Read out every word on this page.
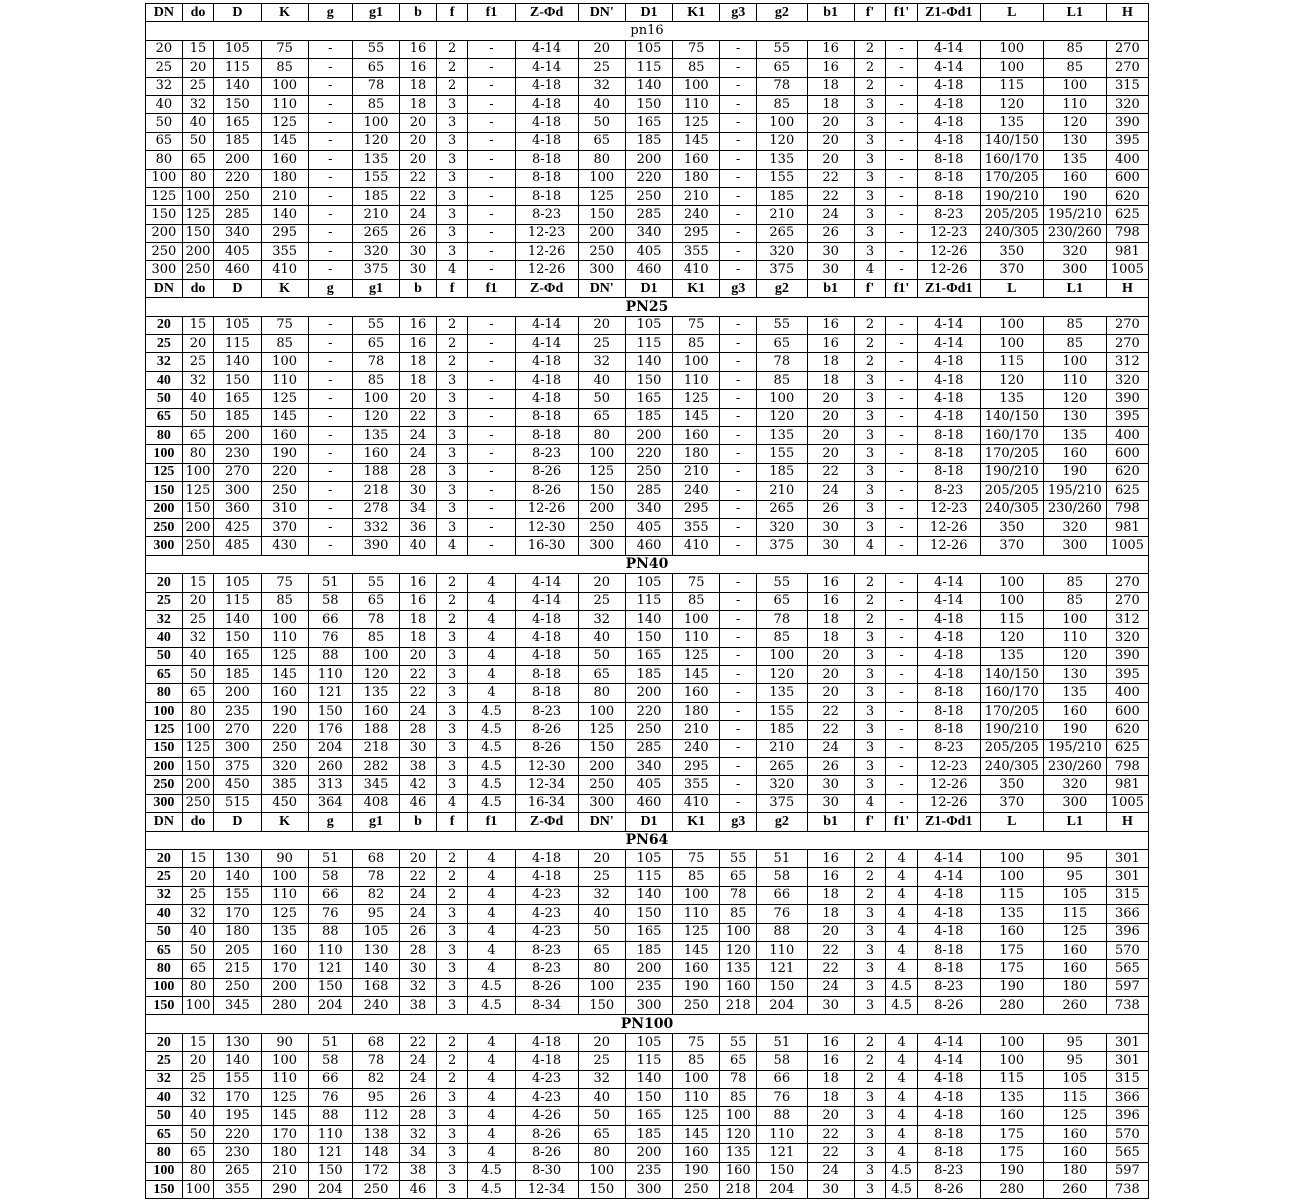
DN	do	D	K	g	g1	b	f	f1	Z-Φd	DN'	D1	K1	g3	g2	b1	f'	f1'	Z1-Φd1	L	L1	H
pn16																					
20	15	105	75	-	55	16	2	-	4-14	20	105	75	-	55	16	2	-	4-14	100	85	270
25	20	115	85	-	65	16	2	-	4-14	25	115	85	-	65	16	2	-	4-14	100	85	270
32	25	140	100	-	78	18	2	-	4-18	32	140	100	-	78	18	2	-	4-18	115	100	315
40	32	150	110	-	85	18	3	-	4-18	40	150	110	-	85	18	3	-	4-18	120	110	320
50	40	165	125	-	100	20	3	-	4-18	50	165	125	-	100	20	3	-	4-18	135	120	390
65	50	185	145	-	120	20	3	-	4-18	65	185	145	-	120	20	3	-	4-18	140/150	130	395
80	65	200	160	-	135	20	3	-	8-18	80	200	160	-	135	20	3	-	8-18	160/170	135	400
100	80	220	180	-	155	22	3	-	8-18	100	220	180	-	155	22	3	-	8-18	170/205	160	600
125	100	250	210	-	185	22	3	-	8-18	125	250	210	-	185	22	3	-	8-18	190/210	190	620
150	125	285	140	-	210	24	3	-	8-23	150	285	240	-	210	24	3	-	8-23	205/205	195/210	625
200	150	340	295	-	265	26	3	-	12-23	200	340	295	-	265	26	3	-	12-23	240/305	230/260	798
250	200	405	355	-	320	30	3	-	12-26	250	405	355	-	320	30	3	-	12-26	350	320	981
300	250	460	410	-	375	30	4	-	12-26	300	460	410	-	375	30	4	-	12-26	370	300	1005
DN	do	D	K	g	g1	b	f	f1	Z-Φd	DN'	D1	K1	g3	g2	b1	f'	f1'	Z1-Φd1	L	L1	H
PN25																					
20	15	105	75	-	55	16	2	-	4-14	20	105	75	-	55	16	2	-	4-14	100	85	270
25	20	115	85	-	65	16	2	-	4-14	25	115	85	-	65	16	2	-	4-14	100	85	270
32	25	140	100	-	78	18	2	-	4-18	32	140	100	-	78	18	2	-	4-18	115	100	312
40	32	150	110	-	85	18	3	-	4-18	40	150	110	-	85	18	3	-	4-18	120	110	320
50	40	165	125	-	100	20	3	-	4-18	50	165	125	-	100	20	3	-	4-18	135	120	390
65	50	185	145	-	120	22	3	-	8-18	65	185	145	-	120	20	3	-	4-18	140/150	130	395
80	65	200	160	-	135	24	3	-	8-18	80	200	160	-	135	20	3	-	8-18	160/170	135	400
100	80	230	190	-	160	24	3	-	8-23	100	220	180	-	155	20	3	-	8-18	170/205	160	600
125	100	270	220	-	188	28	3	-	8-26	125	250	210	-	185	22	3	-	8-18	190/210	190	620
150	125	300	250	-	218	30	3	-	8-26	150	285	240	-	210	24	3	-	8-23	205/205	195/210	625
200	150	360	310	-	278	34	3	-	12-26	200	340	295	-	265	26	3	-	12-23	240/305	230/260	798
250	200	425	370	-	332	36	3	-	12-30	250	405	355	-	320	30	3	-	12-26	350	320	981
300	250	485	430	-	390	40	4	-	16-30	300	460	410	-	375	30	4	-	12-26	370	300	1005
PN40																					
20	15	105	75	51	55	16	2	4	4-14	20	105	75	-	55	16	2	-	4-14	100	85	270
25	20	115	85	58	65	16	2	4	4-14	25	115	85	-	65	16	2	-	4-14	100	85	270
32	25	140	100	66	78	18	2	4	4-18	32	140	100	-	78	18	2	-	4-18	115	100	312
40	32	150	110	76	85	18	3	4	4-18	40	150	110	-	85	18	3	-	4-18	120	110	320
50	40	165	125	88	100	20	3	4	4-18	50	165	125	-	100	20	3	-	4-18	135	120	390
65	50	185	145	110	120	22	3	4	8-18	65	185	145	-	120	20	3	-	4-18	140/150	130	395
80	65	200	160	121	135	22	3	4	8-18	80	200	160	-	135	20	3	-	8-18	160/170	135	400
100	80	235	190	150	160	24	3	4.5	8-23	100	220	180	-	155	22	3	-	8-18	170/205	160	600
125	100	270	220	176	188	28	3	4.5	8-26	125	250	210	-	185	22	3	-	8-18	190/210	190	620
150	125	300	250	204	218	30	3	4.5	8-26	150	285	240	-	210	24	3	-	8-23	205/205	195/210	625
200	150	375	320	260	282	38	3	4.5	12-30	200	340	295	-	265	26	3	-	12-23	240/305	230/260	798
250	200	450	385	313	345	42	3	4.5	12-34	250	405	355	-	320	30	3	-	12-26	350	320	981
300	250	515	450	364	408	46	4	4.5	16-34	300	460	410	-	375	30	4	-	12-26	370	300	1005
DN	do	D	K	g	g1	b	f	f1	Z-Φd	DN'	D1	K1	g3	g2	b1	f'	f1'	Z1-Φd1	L	L1	H
PN64																					
20	15	130	90	51	68	20	2	4	4-18	20	105	75	55	51	16	2	4	4-14	100	95	301
25	20	140	100	58	78	22	2	4	4-18	25	115	85	65	58	16	2	4	4-14	100	95	301
32	25	155	110	66	82	24	2	4	4-23	32	140	100	78	66	18	2	4	4-18	115	105	315
40	32	170	125	76	95	24	3	4	4-23	40	150	110	85	76	18	3	4	4-18	135	115	366
50	40	180	135	88	105	26	3	4	4-23	50	165	125	100	88	20	3	4	4-18	160	125	396
65	50	205	160	110	130	28	3	4	8-23	65	185	145	120	110	22	3	4	8-18	175	160	570
80	65	215	170	121	140	30	3	4	8-23	80	200	160	135	121	22	3	4	8-18	175	160	565
100	80	250	200	150	168	32	3	4.5	8-26	100	235	190	160	150	24	3	4.5	8-23	190	180	597
150	100	345	280	204	240	38	3	4.5	8-34	150	300	250	218	204	30	3	4.5	8-26	280	260	738
PN100																					
20	15	130	90	51	68	22	2	4	4-18	20	105	75	55	51	16	2	4	4-14	100	95	301
25	20	140	100	58	78	24	2	4	4-18	25	115	85	65	58	16	2	4	4-14	100	95	301
32	25	155	110	66	82	24	2	4	4-23	32	140	100	78	66	18	2	4	4-18	115	105	315
40	32	170	125	76	95	26	3	4	4-23	40	150	110	85	76	18	3	4	4-18	135	115	366
50	40	195	145	88	112	28	3	4	4-26	50	165	125	100	88	20	3	4	4-18	160	125	396
65	50	220	170	110	138	32	3	4	8-26	65	185	145	120	110	22	3	4	8-18	175	160	570
80	65	230	180	121	148	34	3	4	8-26	80	200	160	135	121	22	3	4	8-18	175	160	565
100	80	265	210	150	172	38	3	4.5	8-30	100	235	190	160	150	24	3	4.5	8-23	190	180	597
150	100	355	290	204	250	46	3	4.5	12-34	150	300	250	218	204	30	3	4.5	8-26	280	260	738
